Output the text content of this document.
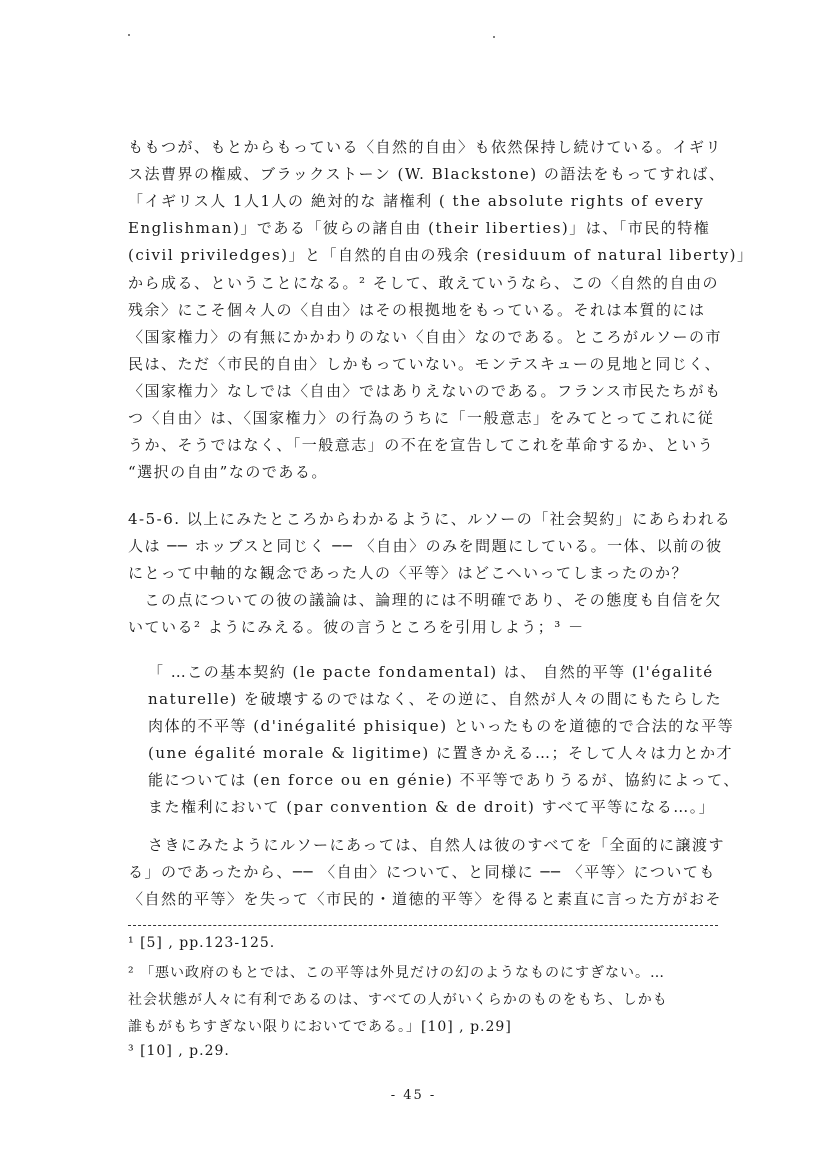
ももつが、もとからもっている〈自然的自由〉も依然保持し続けている。イギリ

ス法曹界の権威、ブラックストーン (W. Blackstone) の語法をもってすれば、

「イギリス人 1人1人の 絶対的な 諸権利 ( the absolute rights of every

Englishman)」である「彼らの諸自由 (their liberties)」は、「市民的特権

(civil priviledges)」と「自然的自由の残余 (residuum of natural liberty)」

から成る、ということになる。² そして、敢えていうなら、この〈自然的自由の

残余〉にこそ個々人の〈自由〉はその根拠地をもっている。それは本質的には

〈国家権力〉の有無にかかわりのない〈自由〉なのである。ところがルソーの市

民は、ただ〈市民的自由〉しかもっていない。モンテスキューの見地と同じく、

〈国家権力〉なしでは〈自由〉ではありえないのである。フランス市民たちがも

つ〈自由〉は、〈国家権力〉の行為のうちに「一般意志」をみてとってこれに従

うか、そうではなく、「一般意志」の不在を宣告してこれを革命するか、という

“選択の自由”なのである。

4-5-6. 以上にみたところからわかるように、ルソーの「社会契約」にあらわれる

人は ── ホッブスと同じく ── 〈自由〉のみを問題にしている。一体、以前の彼

にとって中軸的な観念であった人の〈平等〉はどこへいってしまったのか？

　この点についての彼の議論は、論理的には不明確であり、その態度も自信を欠

いている² ようにみえる。彼の言うところを引用しよう；³ －

「 …この基本契約 (le pacte fondamental) は、 自然的平等 (l'égalité

naturelle) を破壊するのではなく、その逆に、自然が人々の間にもたらした

肉体的不平等 (d'inégalité phisique) といったものを道徳的で合法的な平等

(une égalité morale & ligitime) に置きかえる…；そして人々は力とか才

能については (en force ou en génie) 不平等でありうるが、協約によって、

また権利において (par convention & de droit) すべて平等になる…。」

さきにみたようにルソーにあっては、自然人は彼のすべてを「全面的に譲渡す

る」のであったから、── 〈自由〉について、と同様に ── 〈平等〉についても

〈自然的平等〉を失って〈市民的・道徳的平等〉を得ると素直に言った方がおそ

¹ [5] , pp.123-125.

² 「悪い政府のもとでは、この平等は外見だけの幻のようなものにすぎない。…

社会状態が人々に有利であるのは、すべての人がいくらかのものをもち、しかも

誰もがもちすぎない限りにおいてである。」[10] , p.29]

³ [10] , p.29.

- 45 -
